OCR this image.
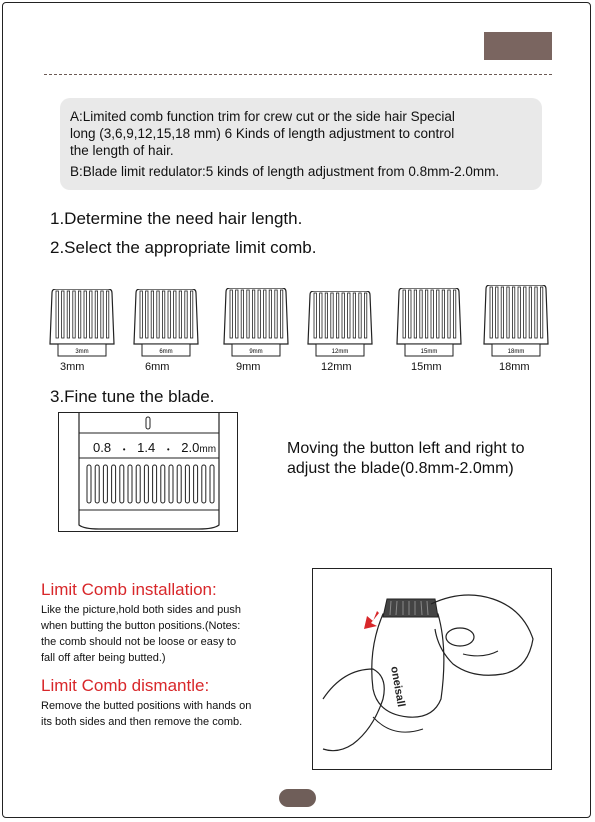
A:Limited comb function trim for crew cut or the side hair Special

long (3,6,9,12,15,18 mm) 6 Kinds of length adjustment to control

the length of hair.

B:Blade limit redulator:5 kinds of length adjustment from 0.8mm-2.0mm.

1.Determine the need hair length.

2.Select the appropriate limit comb.

3mm
3mm
6mm
6mm
9mm
9mm
12mm
12mm
15mm
15mm
18mm
18mm

3.Fine tune the blade.

0.8 • 1.4 • 2.0mm	Moving the button left and right to

adjust the blade(0.8mm-2.0mm)

Limit Comb installation:

Like the picture,hold both sides and push

when butting the button positions.(Notes:

the comb should not be loose or easy to

fall off after being butted.)

Limit Comb dismantle:

Remove the butted positions with hands on

its both sides and then remove the comb.

oneisall
